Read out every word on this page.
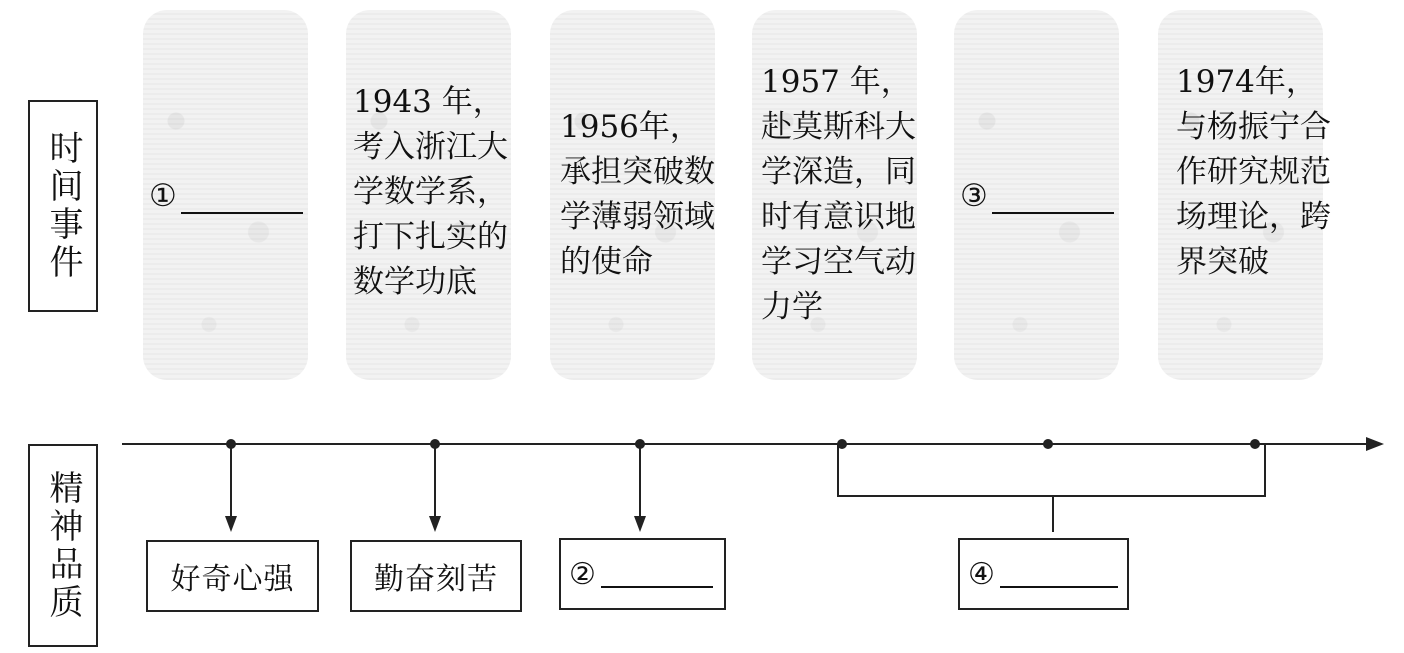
时间事件
精神品质
①
1943 年，考入浙江大学数学系，打下扎实的数学功底
1956年，承担突破数学薄弱领域的使命
1957 年，赴莫斯科大学深造，同时有意识地学习空气动力学
③
1974年，与杨振宁合作研究规范场理论，跨界突破
好奇心强	勤奋刻苦 ②	④
